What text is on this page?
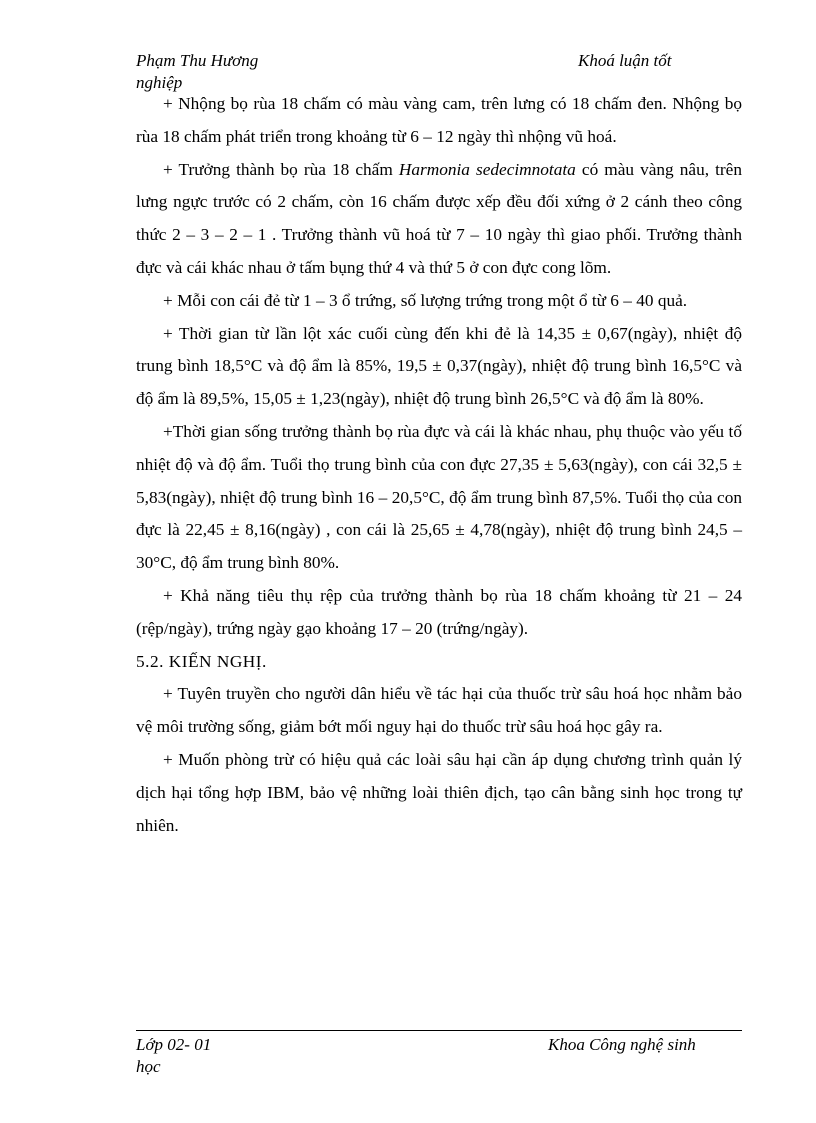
Phạm Thu Hương	Khoá luận tốt
nghiệp

+ Nhộng bọ rùa 18 chấm có màu vàng cam, trên lưng có 18 chấm đen. Nhộng bọ rùa 18 chấm phát triển trong khoảng từ 6 – 12 ngày thì nhộng vũ hoá.

+ Trưởng thành bọ rùa 18 chấm Harmonia sedecimnotata có màu vàng nâu, trên lưng ngực trước có 2 chấm, còn 16 chấm được xếp đều đối xứng ở 2 cánh theo công thức 2 – 3 – 2 – 1 . Trưởng thành vũ hoá từ 7 – 10 ngày thì giao phối. Trưởng thành đực và cái khác nhau ở tấm bụng thứ 4 và thứ 5 ở con đực cong lõm.

+ Mỗi con cái đẻ từ 1 – 3 ổ trứng, số lượng trứng trong một ổ từ 6 – 40 quả.

+ Thời gian từ lần lột xác cuối cùng đến khi đẻ là 14,35 ± 0,67(ngày), nhiệt độ trung bình 18,5°C và độ ẩm là 85%, 19,5 ± 0,37(ngày), nhiệt độ trung bình 16,5°C và độ ẩm là 89,5%, 15,05 ± 1,23(ngày), nhiệt độ trung bình 26,5°C và độ ẩm là 80%.

+Thời gian sống trưởng thành bọ rùa đực và cái là khác nhau, phụ thuộc vào yếu tố nhiệt độ và độ ẩm. Tuổi thọ trung bình của con đực 27,35 ± 5,63(ngày), con cái 32,5 ± 5,83(ngày), nhiệt độ trung bình 16 – 20,5°C, độ ẩm trung bình 87,5%. Tuổi thọ của con đực là 22,45 ± 8,16(ngày) , con cái là 25,65 ± 4,78(ngày), nhiệt độ trung bình 24,5 – 30°C, độ ẩm trung bình 80%.

+ Khả năng tiêu thụ rệp của trưởng thành bọ rùa 18 chấm khoảng từ 21 – 24 (rệp/ngày), trứng ngày gạo khoảng 17 – 20 (trứng/ngày).

5.2. KIẾN NGHỊ.

+ Tuyên truyền cho người dân hiểu về tác hại của thuốc trừ sâu hoá học nhằm bảo vệ môi trường sống, giảm bớt mối nguy hại do thuốc trừ sâu hoá học gây ra.

+ Muốn phòng trừ có hiệu quả các loài sâu hại cần áp dụng chương trình quản lý dịch hại tổng hợp IBM, bảo vệ những loài thiên địch, tạo cân bằng sinh học trong tự nhiên.

Lớp 02- 01	Khoa Công nghệ sinh
học
